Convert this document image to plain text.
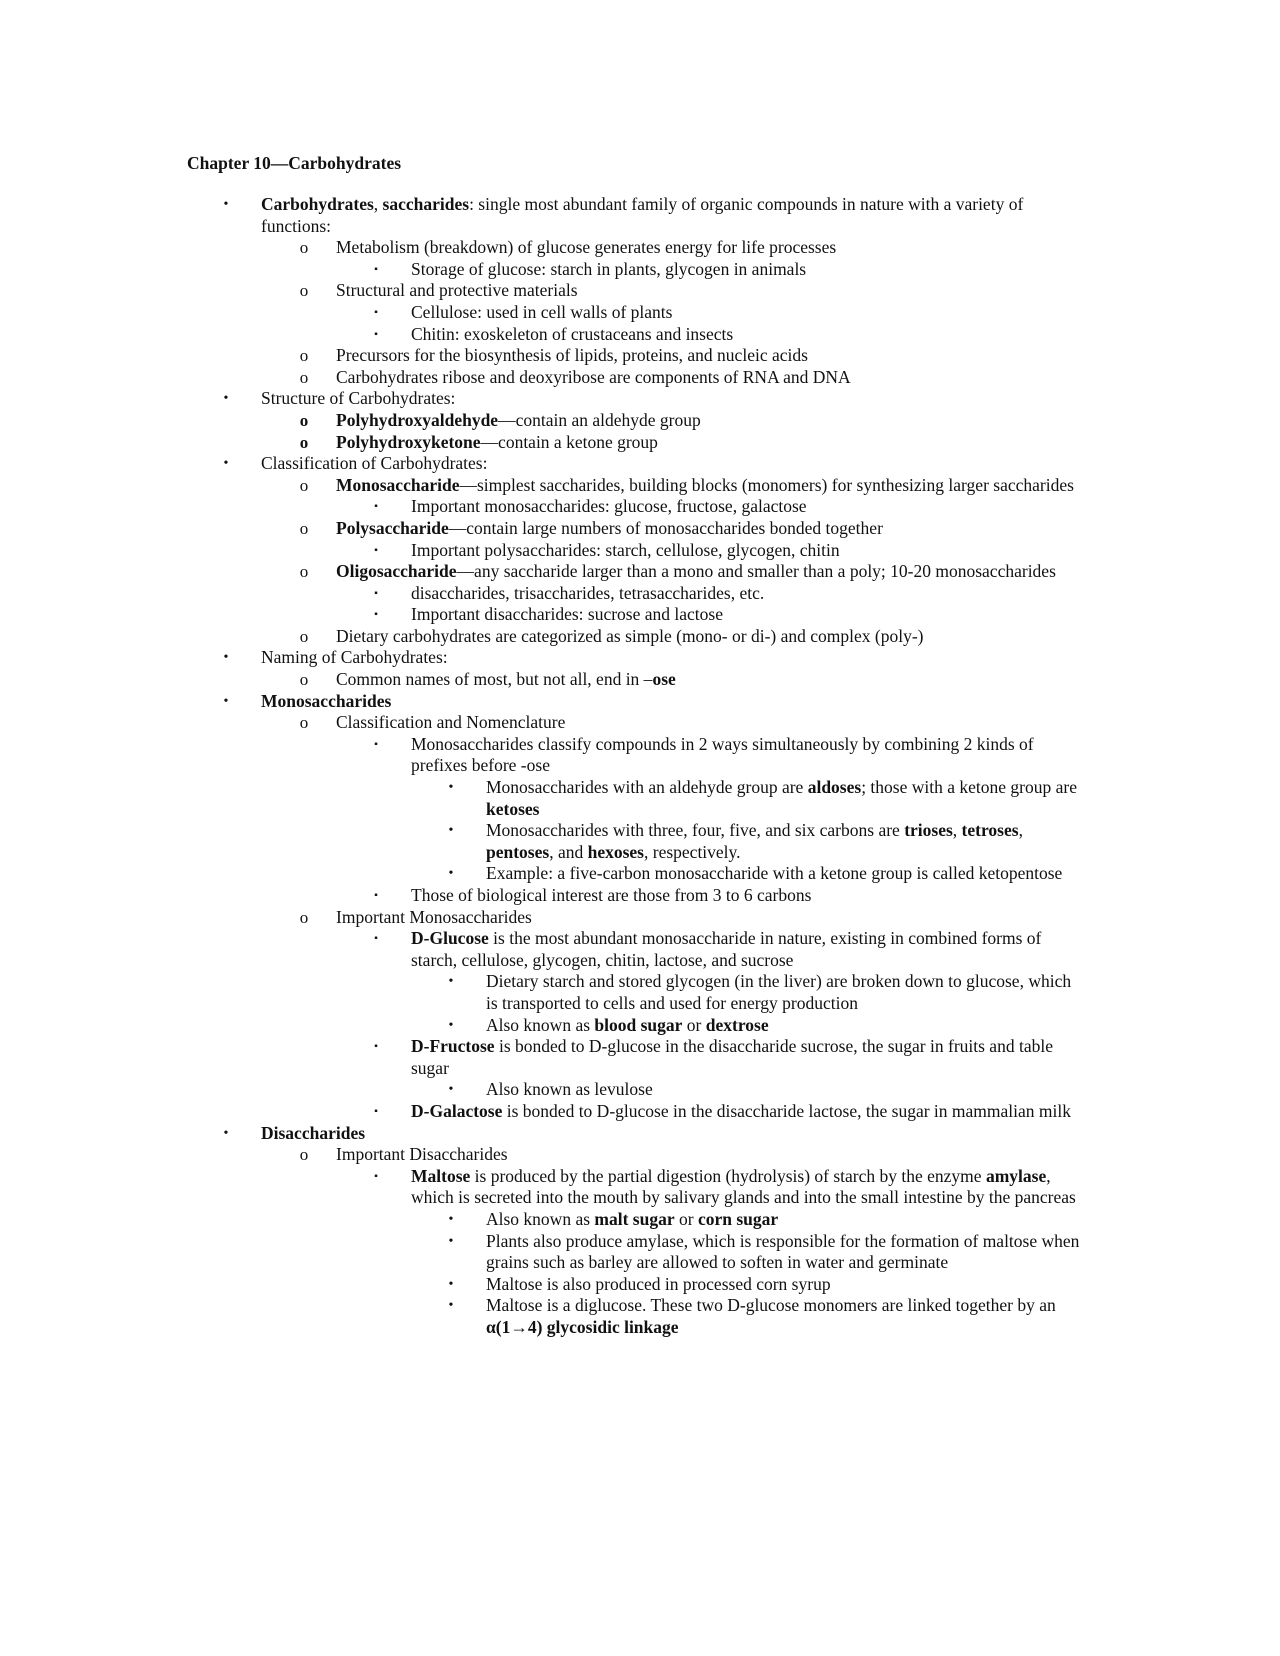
Chapter 10—Carbohydrates
•	Carbohydrates, saccharides: single most abundant family of organic compounds in nature with a variety of functions:
o	Metabolism (breakdown) of glucose generates energy for life processes
▪	Storage of glucose: starch in plants, glycogen in animals
o	Structural and protective materials
▪	Cellulose: used in cell walls of plants
▪	Chitin: exoskeleton of crustaceans and insects
o	Precursors for the biosynthesis of lipids, proteins, and nucleic acids
o	Carbohydrates ribose and deoxyribose are components of RNA and DNA
•	Structure of Carbohydrates:
o	Polyhydroxyaldehyde—contain an aldehyde group
o	Polyhydroxyketone—contain a ketone group
•	Classification of Carbohydrates:
o	Monosaccharide—simplest saccharides, building blocks (monomers) for synthesizing larger saccharides
▪	Important monosaccharides: glucose, fructose, galactose
o	Polysaccharide—contain large numbers of monosaccharides bonded together
▪	Important polysaccharides: starch, cellulose, glycogen, chitin
o	Oligosaccharide—any saccharide larger than a mono and smaller than a poly; 10-20 monosaccharides
▪	disaccharides, trisaccharides, tetrasaccharides, etc.
▪	Important disaccharides: sucrose and lactose
o	Dietary carbohydrates are categorized as simple (mono- or di-) and complex (poly-)
•	Naming of Carbohydrates:
o	Common names of most, but not all, end in –ose
•	Monosaccharides
o	Classification and Nomenclature
▪	Monosaccharides classify compounds in 2 ways simultaneously by combining 2 kinds of prefixes before -ose
•	Monosaccharides with an aldehyde group are aldoses; those with a ketone group are ketoses
•	Monosaccharides with three, four, five, and six carbons are trioses, tetroses, pentoses, and hexoses, respectively.
•	Example: a five-carbon monosaccharide with a ketone group is called ketopentose
▪	Those of biological interest are those from 3 to 6 carbons
o	Important Monosaccharides
▪	D-Glucose is the most abundant monosaccharide in nature, existing in combined forms of starch, cellulose, glycogen, chitin, lactose, and sucrose
•	Dietary starch and stored glycogen (in the liver) are broken down to glucose, which is transported to cells and used for energy production
•	Also known as blood sugar or dextrose
▪	D-Fructose is bonded to D-glucose in the disaccharide sucrose, the sugar in fruits and table sugar
•	Also known as levulose
▪	D-Galactose is bonded to D-glucose in the disaccharide lactose, the sugar in mammalian milk
•	Disaccharides
o	Important Disaccharides
▪	Maltose is produced by the partial digestion (hydrolysis) of starch by the enzyme amylase, which is secreted into the mouth by salivary glands and into the small intestine by the pancreas
•	Also known as malt sugar or corn sugar
•	Plants also produce amylase, which is responsible for the formation of maltose when grains such as barley are allowed to soften in water and germinate
•	Maltose is also produced in processed corn syrup
•	Maltose is a diglucose. These two D-glucose monomers are linked together by an α(1→4) glycosidic linkage
